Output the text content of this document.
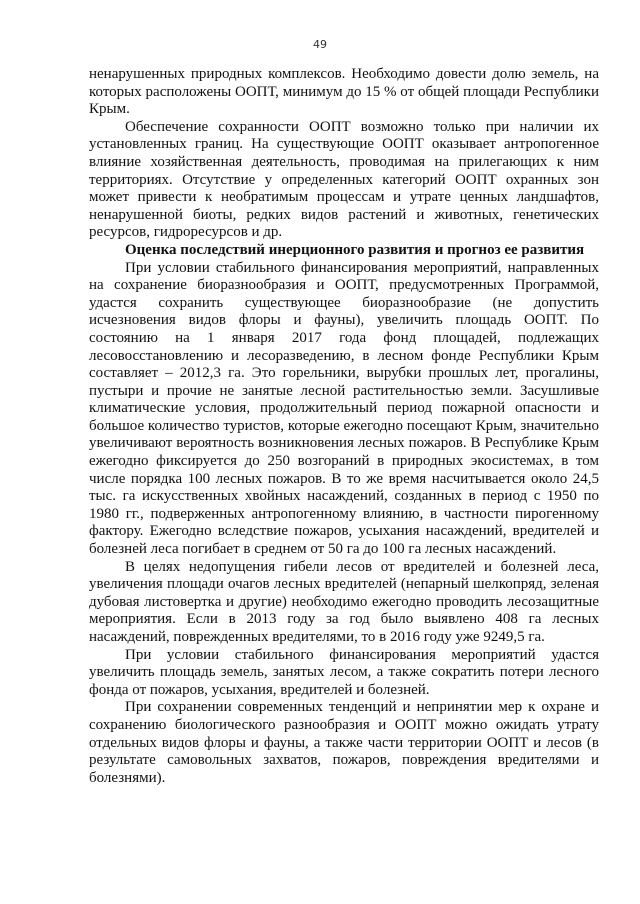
49

ненарушенных природных комплексов. Необходимо довести долю земель, на которых расположены ООПТ, минимум до 15 % от общей площади Республики Крым.

Обеспечение сохранности ООПТ возможно только при наличии их установленных границ. На существующие ООПТ оказывает антропогенное влияние хозяйственная деятельность, проводимая на прилегающих к ним территориях. Отсутствие у определенных категорий ООПТ охранных зон может привести к необратимым процессам и утрате ценных ландшафтов, ненарушенной биоты, редких видов растений и животных, генетических ресурсов, гидроресурсов и др.

Оценка последствий инерционного развития и прогноз ее развития

При условии стабильного финансирования мероприятий, направленных на сохранение биоразнообразия и ООПТ, предусмотренных Программой, удастся сохранить существующее биоразнообразие (не допустить исчезновения видов флоры и фауны), увеличить площадь ООПТ. По состоянию на 1 января 2017 года фонд площадей, подлежащих лесовосстановлению и лесоразведению, в лесном фонде Республики Крым составляет – 2012,3 га. Это горельники, вырубки прошлых лет, прогалины, пустыри и прочие не занятые лесной растительностью земли. Засушливые климатические условия, продолжительный период пожарной опасности и большое количество туристов, которые ежегодно посещают Крым, значительно увеличивают вероятность возникновения лесных пожаров. В Республике Крым ежегодно фиксируется до 250 возгораний в природных экосистемах, в том числе порядка 100 лесных пожаров. В то же время насчитывается около 24,5 тыс. га искусственных хвойных насаждений, созданных в период с 1950 по 1980 гг., подверженных антропогенному влиянию, в частности пирогенному фактору. Ежегодно вследствие пожаров, усыхания насаждений, вредителей и болезней леса погибает в среднем от 50 га до 100 га лесных насаждений.

В целях недопущения гибели лесов от вредителей и болезней леса, увеличения площади очагов лесных вредителей (непарный шелкопряд, зеленая дубовая листовертка и другие) необходимо ежегодно проводить лесозащитные мероприятия. Если в 2013 году за год было выявлено 408 га лесных насаждений, поврежденных вредителями, то в 2016 году уже 9249,5 га.

При условии стабильного финансирования мероприятий удастся увеличить площадь земель, занятых лесом, а также сократить потери лесного фонда от пожаров, усыхания, вредителей и болезней.

При сохранении современных тенденций и непринятии мер к охране и сохранению биологического разнообразия и ООПТ можно ожидать утрату отдельных видов флоры и фауны, а также части территории ООПТ и лесов (в результате самовольных захватов, пожаров, повреждения вредителями и болезнями).
